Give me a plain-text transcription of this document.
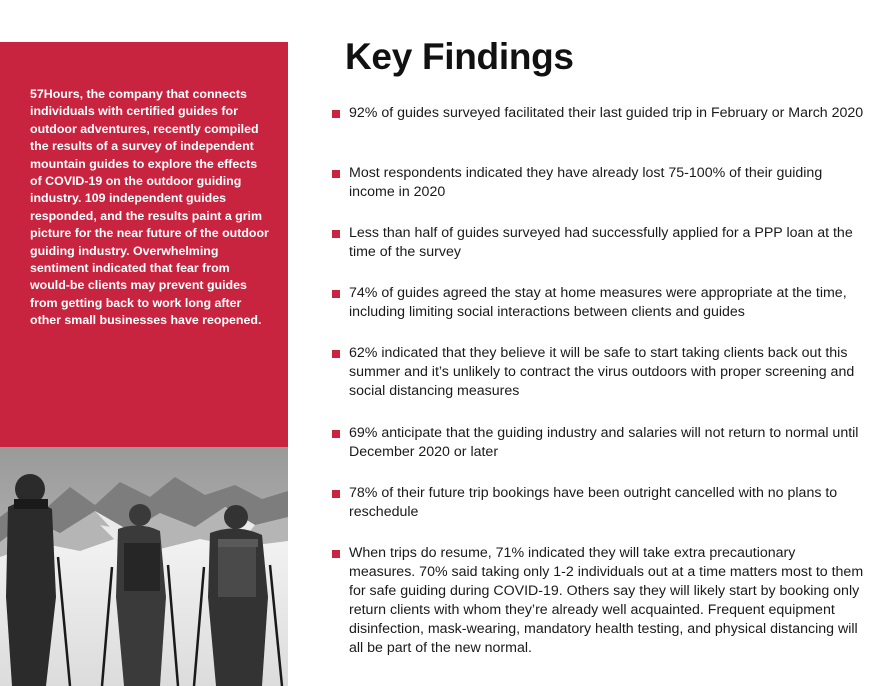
57Hours, the company that connects individuals with certified guides for outdoor adventures, recently compiled the results of a survey of independent mountain guides to explore the effects of COVID-19 on the outdoor guiding industry. 109 independent guides responded, and the results paint a grim picture for the near future of the outdoor guiding industry. Overwhelming sentiment indicated that fear from would-be clients may prevent guides from getting back to work long after other small businesses have reopened.

Key Findings
92% of guides surveyed facilitated their last guided trip in February or March 2020
Most respondents indicated they have already lost 75-100% of their guiding income in 2020
Less than half of guides surveyed had successfully applied for a PPP loan at the time of the survey
74% of guides agreed the stay at home measures were appropriate at the time, including limiting social interactions between clients and guides
62% indicated that they believe it will be safe to start taking clients back out this summer and it’s unlikely to contract the virus outdoors with proper screening and social distancing measures
69% anticipate that the guiding industry and salaries will not return to normal until December 2020 or later
78% of their future trip bookings have been outright cancelled with no plans to reschedule
When trips do resume, 71% indicated they will take extra precautionary measures. 70% said taking only 1-2 individuals out at a time matters most to them for safe guiding during COVID-19. Others say they will likely start by booking only return clients with whom they’re already well acquainted. Frequent equipment disinfection, mask-wearing, mandatory health testing, and physical distancing will all be part of the new normal.
